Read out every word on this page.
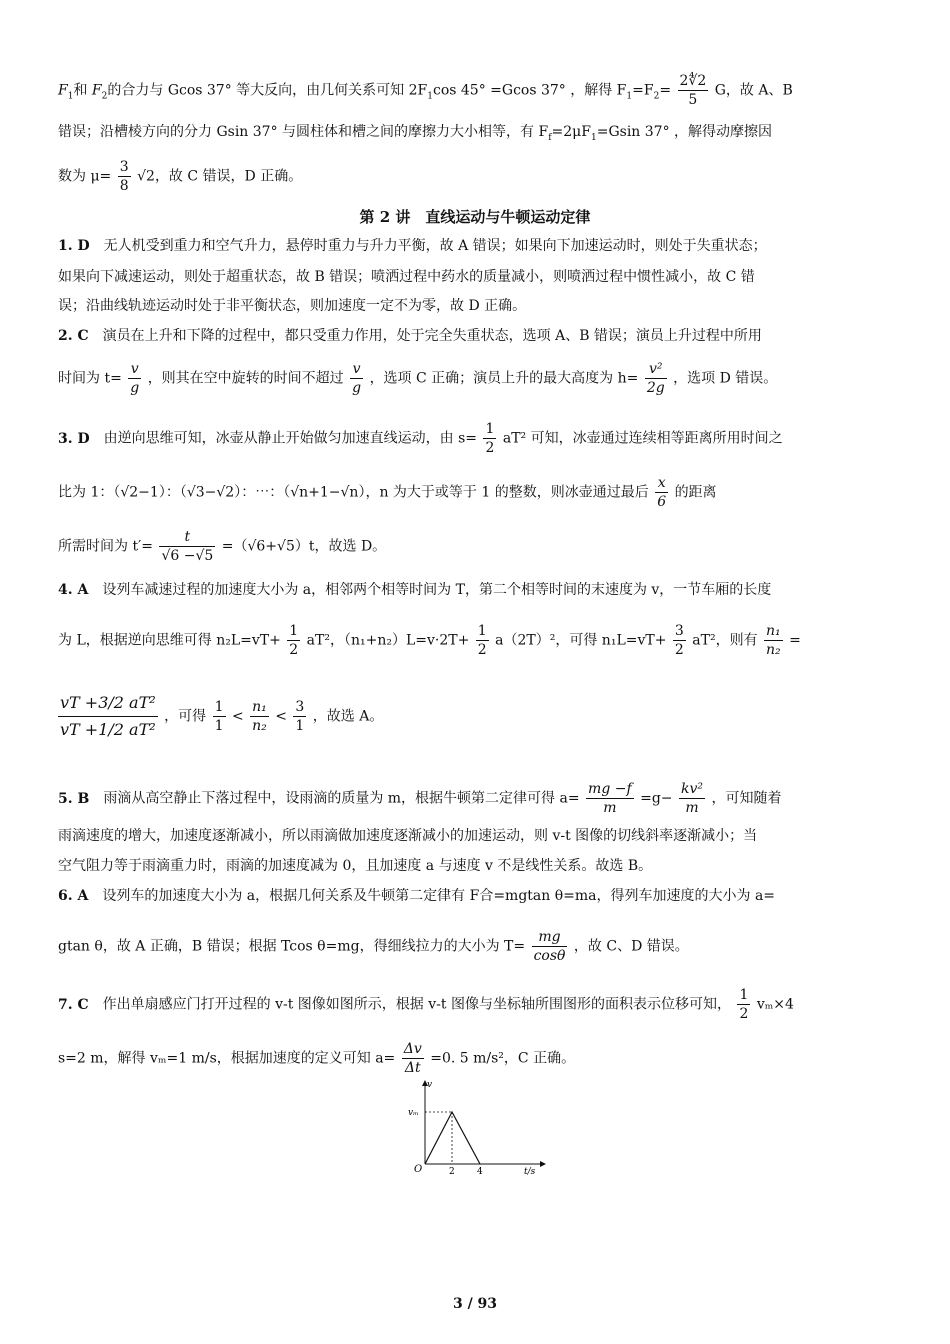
$F_1$和 $F_2$的合力与 Gcos 37° 等大反向，由几何关系可知 $2F_1\cos$ 45° =Gcos 37° ，解得 $F_1=F_2= \frac{2∜2}{5}$ G，故 A、B
错误；沿槽棱方向的分力 Gsin 37° 与圆柱体和槽之间的摩擦力大小相等，有 $F_f=2\mu F_1=Gsin$ 37° ，解得动摩擦因
数为 $\mu= \frac{3}{8} √2$，故 C 错误，D 正确。
第 2 讲　直线运动与牛顿运动定律
1. D 无人机受到重力和空气升力，悬停时重力与升力平衡，故 A 错误；如果向下加速运动时，则处于失重状态；
如果向下减速运动，则处于超重状态，故 B 错误；喷洒过程中药水的质量减小，则喷洒过程中惯性减小，故 C 错
误；沿曲线轨迹运动时处于非平衡状态，则加速度一定不为零，故 D 正确。
2. C 演员在上升和下降的过程中，都只受重力作用，处于完全失重状态，选项 A、B 错误；演员上升过程中所用
时间为 $t= \frac{v}{g}$ ，则其在空中旋转的时间不超过 $\frac{v}{g}$ ，选项 C 正确；演员上升的最大高度为 $h= \frac{\text{v²}}{2g}$ ，选项 D 错误。
3. D 由逆向思维可知，冰壶从静止开始做匀加速直线运动，由 $s= \frac{1}{2} aT^2$ 可知，冰壶通过连续相等距离所用时间之
比为 1：（√2−1）：（√3−√2）：⋯：（√n+1−√n），n 为大于或等于 1 的整数，则冰壶通过最后 $\frac{x}{6}$ 的距离
所需时间为 $t'= \frac{t}{√6 -√5} =(√6+√5)t$，故选 D。
4. A 设列车减速过程的加速度大小为 a，相邻两个相等时间为 T，第二个相等时间的末速度为 v，一节车厢的长度
为 L，根据逆向思维可得 $n_2L=vT+ \frac{1}{2} aT^2$，$(n_1+n_2)L=v\cdot 2T+ \frac{1}{2} a(2T)^2$，可得 $n_1L=vT+ \frac{3}{2} aT^2$，则有 $\frac{\text{n₁}}{\text{n₂}}$ =
$\frac{\text{vT +3/2 aT²}}{\text{vT +1/2 aT²}}$ ，可得 $\frac{1}{1} < \frac{\text{n₁}}{\text{n₂}} < \frac{3}{1}$ ，故选 A。
5. B 雨滴从高空静止下落过程中，设雨滴的质量为 m，根据牛顿第二定律可得 $a= \frac{mg -f}{m} =g- \frac{\text{kv²}}{m}$ ，可知随着
雨滴速度的增大，加速度逐渐减小，所以雨滴做加速度逐渐减小的加速运动，则 v-t 图像的切线斜率逐渐减小；当
空气阻力等于雨滴重力时，雨滴的加速度减为 0，且加速度 a 与速度 v 不是线性关系。故选 B。
6. A 设列车的加速度大小为 a，根据几何关系及牛顿第二定律有 F合=mgtan θ=ma，得列车加速度的大小为 a=
gtan θ，故 A 正确，B 错误；根据 Tcos θ=mg，得细线拉力的大小为 $T= \frac{mg}{\cos\theta}$ ，故 C、D 错误。
7. C 作出单扇感应门打开过程的 v-t 图像如图所示，根据 v-t 图像与坐标轴所围图形的面积表示位移可知， $\frac{1}{2} v_m\times 4$
s=2 m，解得 vₘ=1 m/s，根据加速度的定义可知 $a= \frac{\Delta v}{\Delta t} =0$. 5 m/s²，C 正确。
v
vₘ
O	2 4	t/s
3 / 93
